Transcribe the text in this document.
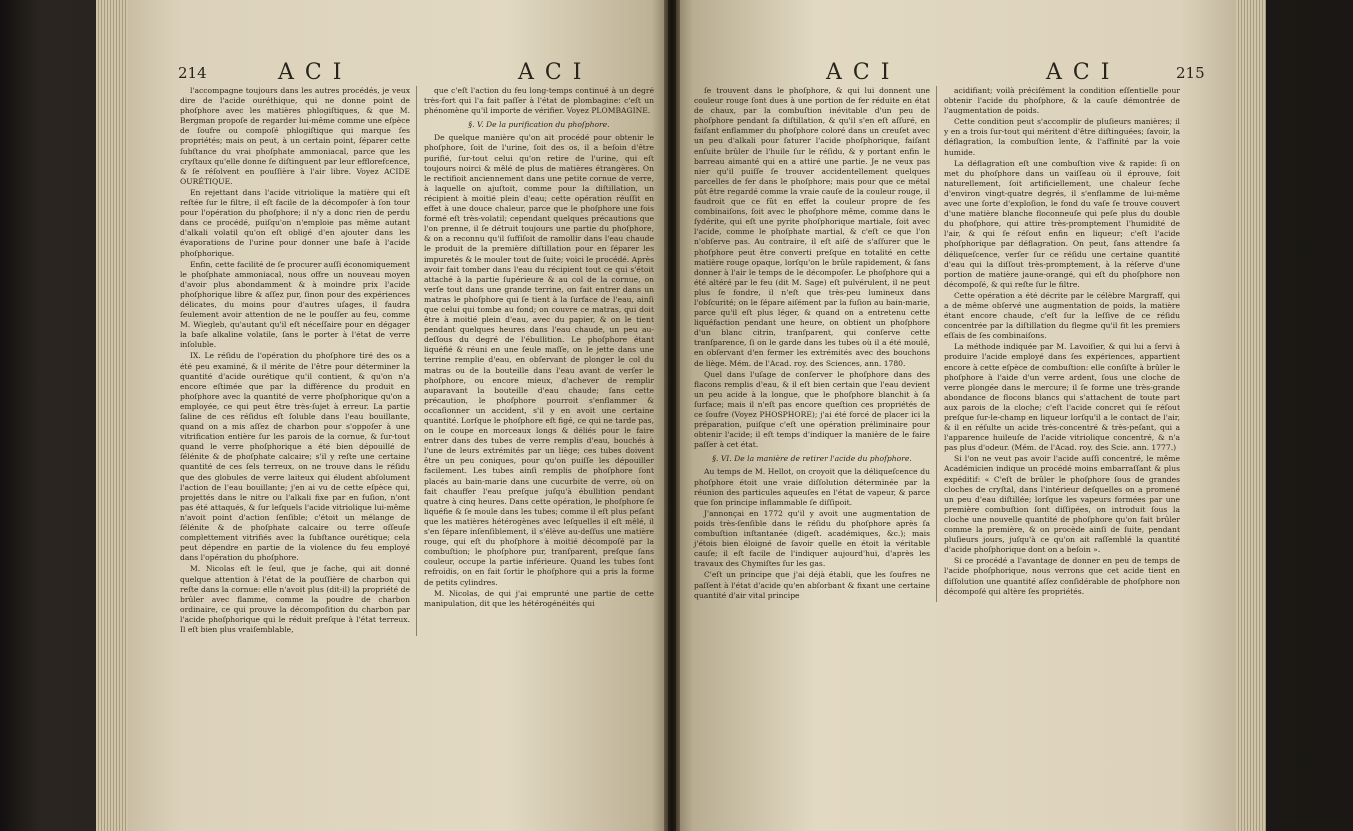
214	A C I	A C I

l'accompagne toujours dans les autres procédés, je veux dire de l'acide ouréthique, qui ne donne point de phoſphore avec les matières phlogiſtiques, & que M. Bergman propoſe de regarder lui-même comme une eſpèce de ſoufre ou compoſé phlogiſtique qui marque ſes propriétés; mais on peut, à un certain point, ſéparer cette ſubſtance du vrai phoſphate ammoniacal, parce que les cryſtaux qu'elle donne ſe diſtinguent par leur efflorefcence, & ſe réſolvent en pouſſière à l'air libre. Voyez ACIDE OURÉTIQUE.

En rejettant dans l'acide vitriolique la matière qui eſt reſtée ſur le filtre, il eſt facile de la décompoſer à ſon tour pour l'opération du phoſphore; il n'y a donc rien de perdu dans ce procédé, puiſqu'on n'emploie pas même autant d'alkali volatil qu'on eſt obligé d'en ajouter dans les évaporations de l'urine pour donner une baſe à l'acide phoſphorique.

Enfin, cette facilité de ſe procurer auſſi économiquement le phoſphate ammoniacal, nous offre un nouveau moyen d'avoir plus abondamment & à moindre prix l'acide phoſphorique libre & aſſez pur, ſinon pour des expériences délicates, du moins pour d'autres uſages, il faudra ſeulement avoir attention de ne le pouſſer au feu, comme M. Wiegleb, qu'autant qu'il eſt néceſſaire pour en dégager la baſe alkaline volatile, ſans le porter à l'état de verre inſoluble.

IX. Le réſidu de l'opération du phoſphore tiré des os a été peu examiné, & il mérite de l'être pour déterminer la quantité d'acide ourétique qu'il contient, & qu'on n'a encore eſtimée que par la différence du produit en phoſphore avec la quantité de verre phoſphorique qu'on a employée, ce qui peut être très-ſujet à erreur. La partie ſaline de ces réſidus eſt ſoluble dans l'eau bouillante, quand on a mis aſſez de charbon pour s'oppoſer à une vitrification entière ſur les parois de la cornue, & ſur-tout quand le verre phoſphorique a été bien dépouillé de ſélénite & de phoſphate calcaire; s'il y reſte une certaine quantité de ces ſels terreux, on ne trouve dans le réſidu que des globules de verre laiteux qui éludent abſolument l'action de l'eau bouillante; j'en ai vu de cette eſpèce qui, projettés dans le nitre ou l'alkali fixe par en fuſion, n'ont pas été attaqués, & ſur leſquels l'acide vitriolique lui-même n'avoit point d'action ſenſible; c'étoit un mélange de ſélénite & de phoſphate calcaire ou terre oſſeuſe complettement vitrifiés avec la ſubſtance ourétique; cela peut dépendre en partie de la violence du feu employé dans l'opération du phoſphore.

M. Nicolas eſt le ſeul, que je ſache, qui ait donné quelque attention à l'état de la pouſſière de charbon qui reſte dans la cornue: elle n'avoit plus (dit-il) la propriété de brûler avec flamme, comme la poudre de charbon ordinaire, ce qui prouve la décompoſition du charbon par l'acide phoſphorique qui le réduit preſque à l'état terreux. Il eſt bien plus vraiſemblable,

que c'eſt l'action du feu long-temps continué à un degré très-fort qui l'a fait paſſer à l'état de plombagine: c'eſt un phénomène qu'il importe de vérifier. Voyez PLOMBAGINE.

§. V. De la purification du phoſphore.

De quelque manière qu'on ait procédé pour obtenir le phoſphore, ſoit de l'urine, ſoit des os, il a beſoin d'être purifié, ſur-tout celui qu'on retire de l'urine, qui eſt toujours noirci & mêlé de plus de matières étrangères. On le rectifioit anciennement dans une petite cornue de verre, à laquelle on ajuſtoit, comme pour la diſtillation, un récipient à moitié plein d'eau; cette opération réuſſit en effet à une douce chaleur, parce que le phoſphore une fois formé eſt très-volatil; cependant quelques précautions que l'on prenne, il ſe détruit toujours une partie du phoſphore, & on a reconnu qu'il ſuffiſoit de ramollir dans l'eau chaude le produit de la première diſtillation pour en ſéparer les impuretés & le mouler tout de ſuite; voici le procédé. Après avoir fait tomber dans l'eau du récipient tout ce qui s'étoit attaché à la partie ſupérieure & au col de la cornue, on verſe tout dans une grande terrine, on fait entrer dans un matras le phoſphore qui ſe tient à la ſurface de l'eau, ainſi que celui qui tombe au fond; on couvre ce matras, qui doit être à moitié plein d'eau, avec du papier, & on le tient pendant quelques heures dans l'eau chaude, un peu au-deſſous du degré de l'ébullition. Le phoſphore étant liquéfié & réuni en une ſeule maſſe, on le jette dans une terrine remplie d'eau, en obſervant de plonger le col du matras ou de la bouteille dans l'eau avant de verſer le phoſphore, ou encore mieux, d'achever de remplir auparavant la bouteille d'eau chaude; ſans cette précaution, le phoſphore pourroit s'enflammer & occaſionner un accident, s'il y en avoit une certaine quantité. Lorſque le phoſphore eſt figé, ce qui ne tarde pas, on le coupe en morceaux longs & déliés pour le faire entrer dans des tubes de verre remplis d'eau, bouchés à l'une de leurs extrémités par un liège; ces tubes doivent être un peu coniques, pour qu'on puiſſe les dépouiller facilement. Les tubes ainſi remplis de phoſphore ſont placés au bain-marie dans une cucurbite de verre, où on fait chauffer l'eau preſque juſqu'à ébullition pendant quatre à cinq heures. Dans cette opération, le phoſphore ſe liquéfie & ſe moule dans les tubes; comme il eſt plus peſant que les matières hétérogènes avec leſquelles il eſt mêlé, il s'en ſépare inſenſiblement, il s'élève au-deſſus une matière rouge, qui eſt du phoſphore à moitié décompoſé par la combuſtion; le phoſphore pur, tranſparent, preſque ſans couleur, occupe la partie inférieure. Quand les tubes ſont refroidis, on en fait ſortir le phoſphore qui a pris la forme de petits cylindres.

M. Nicolas, de qui j'ai emprunté une partie de cette manipulation, dit que les hétérogénéités qui

A C I	A C I	215

ſe trouvent dans le phoſphore, & qui lui donnent une couleur rouge ſont dues à une portion de fer réduite en état de chaux, par la combuſtion inévitable d'un peu de phoſphore pendant ſa diſtillation, & qu'il s'en eſt aſſuré, en faiſant enflammer du phoſphore coloré dans un creuſet avec un peu d'alkali pour ſaturer l'acide phoſphorique, faiſant enſuite brûler de l'huile ſur le réſidu, & y portant enfin le barreau aimanté qui en a attiré une partie. Je ne veux pas nier qu'il puiſſe ſe trouver accidentellement quelques parcelles de fer dans le phoſphore; mais pour que ce métal pût être regardé comme la vraie cauſe de la couleur rouge, il faudroit que ce fût en effet la couleur propre de ſes combinaiſons, ſoit avec le phoſphore même, comme dans le ſydérite, qui eſt une pyrite phoſphorique martiale, ſoit avec l'acide, comme le phoſphate martial, & c'eſt ce que l'on n'obſerve pas. Au contraire, il eſt aiſé de s'aſſurer que le phoſphore peut être converti preſque en totalité en cette matière rouge opaque, lorſqu'on le brûle rapidement, & ſans donner à l'air le temps de le décompoſer. Le phoſphore qui a été altéré par le feu (dit M. Sage) eſt pulvérulent, il ne peut plus ſe fondre, il n'eſt que très-peu lumineux dans l'obſcurité; on le ſépare aiſément par la fuſion au bain-marie, parce qu'il eſt plus léger, & quand on a entretenu cette liquéfaction pendant une heure, on obtient un phoſphore d'un blanc citrin, tranſparent, qui conſerve cette tranſparence, ſi on le garde dans les tubes où il a été moulé, en obſervant d'en fermer les extrémités avec des bouchons de liège. Mém. de l'Acad. roy. des Sciences, ann. 1780.

Quel dans l'uſage de conſerver le phoſphore dans des flacons remplis d'eau, & il eſt bien certain que l'eau devient un peu acide à la longue, que le phoſphore blanchit à ſa ſurface; mais il n'eſt pas encore queſtion ces propriétés de ce ſoufre (Voyez PHOSPHORE); j'ai été forcé de placer ici la préparation, puiſque c'eſt une opération préliminaire pour obtenir l'acide; il eſt temps d'indiquer la manière de le faire paſſer à cet état.

§. VI. De la manière de retirer l'acide du phoſphore.

Au temps de M. Hellot, on croyoit que la déliqueſcence du phoſphore étoit une vraie diſſolution déterminée par la réunion des particules aqueuſes en l'état de vapeur, & parce que ſon principe inflammable ſe diſſipoit.

J'annonçai en 1772 qu'il y avoit une augmentation de poids très-ſenſible dans le réſidu du phoſphore après ſa combuſtion inſtantanée (digeſt. académiques, &c.); mais j'étois bien éloigné de ſavoir quelle en étoit la véritable cauſe; il eſt facile de l'indiquer aujourd'hui, d'après les travaux des Chymiſtes ſur les gas.

C'eſt un principe que j'ai déjà établi, que les ſoufres ne paſſent à l'état d'acide qu'en abſorbant & fixant une certaine quantité d'air vital principe

acidifiant; voilà préciſément la condition eſſentielle pour obtenir l'acide du phoſphore, & la cauſe démontrée de l'augmentation de poids.

Cette condition peut s'accomplir de pluſieurs manières; il y en a trois ſur-tout qui méritent d'être diſtinguées; ſavoir, la déflagration, la combuſtion lente, & l'affinité par la voie humide.

La déflagration eſt une combuſtion vive & rapide: ſi on met du phoſphore dans un vaiſſeau où il éprouve, ſoit naturellement, ſoit artificiellement, une chaleur ſeche d'environ vingt-quatre degrés, il s'enflamme de lui-même avec une ſorte d'exploſion, le fond du vaſe ſe trouve couvert d'une matière blanche floconneuſe qui peſe plus du double du phoſphore, qui attire très-promptement l'humidité de l'air, & qui ſe réſout enfin en liqueur; c'eſt l'acide phoſphorique par déflagration. On peut, ſans attendre ſa déliqueſcence, verſer ſur ce réſidu une certaine quantité d'eau qui la diſſout très-promptement, à la réſerve d'une portion de matière jaune-orangé, qui eſt du phoſphore non décompoſé, & qui reſte ſur le filtre.

Cette opération a été décrite par le célèbre Margraff, qui a de même obſervé une augmentation de poids, la matière étant encore chaude, c'eſt ſur la leſſive de ce réſidu concentrée par la diſtillation du flegme qu'il fit les premiers eſſais de ſes combinaiſons.

La méthode indiquée par M. Lavoiſier, & qui lui a ſervi à produire l'acide employé dans ſes expériences, appartient encore à cette eſpèce de combuſtion: elle conſiſte à brûler le phoſphore à l'aide d'un verre ardent, ſous une cloche de verre plongée dans le mercure; il ſe forme une très-grande abondance de flocons blancs qui s'attachent de toute part aux parois de la cloche; c'eſt l'acide concret qui ſe réſout preſque ſur-le-champ en liqueur lorſqu'il a le contact de l'air, & il en réſulte un acide très-concentré & très-peſant, qui a l'apparence huileuſe de l'acide vitriolique concentré, & n'a pas plus d'odeur. (Mém. de l'Acad. roy. des Scie. ann. 1777.)

Si l'on ne veut pas avoir l'acide auſſi concentré, le même Académicien indique un procédé moins embarraſſant & plus expéditif: « C'eſt de brûler le phoſphore ſous de grandes cloches de cryſtal, dans l'intérieur deſquelles on a promené un peu d'eau diſtillée; lorſque les vapeurs formées par une première combuſtion ſont diſſipées, on introduit ſous la cloche une nouvelle quantité de phoſphore qu'on fait brûler comme la première, & on procède ainſi de ſuite, pendant pluſieurs jours, juſqu'à ce qu'on ait raſſemblé la quantité d'acide phoſphorique dont on a beſoin ».

Si ce procédé a l'avantage de donner en peu de temps de l'acide phoſphorique, nous verrons que cet acide tient en diſſolution une quantité aſſez conſidérable de phoſphore non décompoſé qui altère ſes propriétés.
